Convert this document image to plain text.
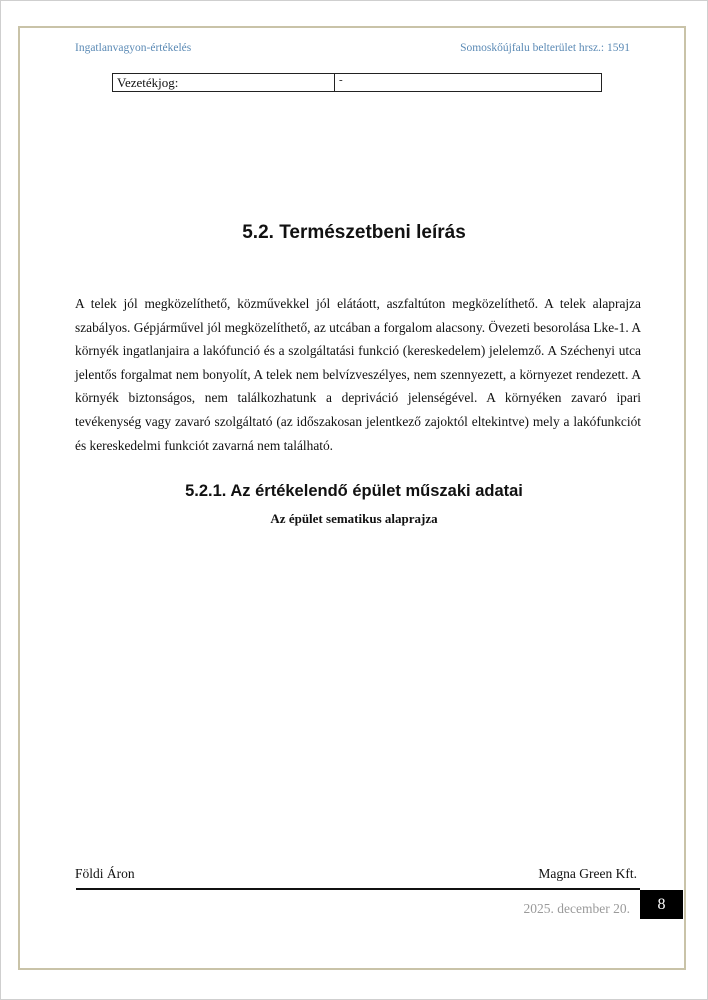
Ingatlanvagyon-értékelés	Somoskőújfalu belterület hrsz.: 1591
Vezetékjog:	-
5.2. Természetbeni leírás
A telek jól megközelíthető, közművekkel jól elátáott, aszfaltúton megközelíthető. A telek alaprajza szabályos. Gépjárművel jól megközelíthető, az utcában a forgalom alacsony. Övezeti besorolása Lke-1. A környék ingatlanjaira a lakófunció és a szolgáltatási funkció (kereskedelem) jelelemző. A Széchenyi utca jelentős forgalmat nem bonyolít, A telek nem belvízveszélyes, nem szennyezett, a környezet rendezett. A környék biztonságos, nem találkozhatunk a depriváció jelenségével. A környéken zavaró ipari tevékenység vagy zavaró szolgáltató (az időszakosan jelentkező zajoktól eltekintve) mely a lakófunkciót és kereskedelmi funkciót zavarná nem található.
5.2.1. Az értékelendő épület műszaki adatai
Az épület sematikus alaprajza
Földi Áron	Magna Green Kft.
2025. december 20.	8
